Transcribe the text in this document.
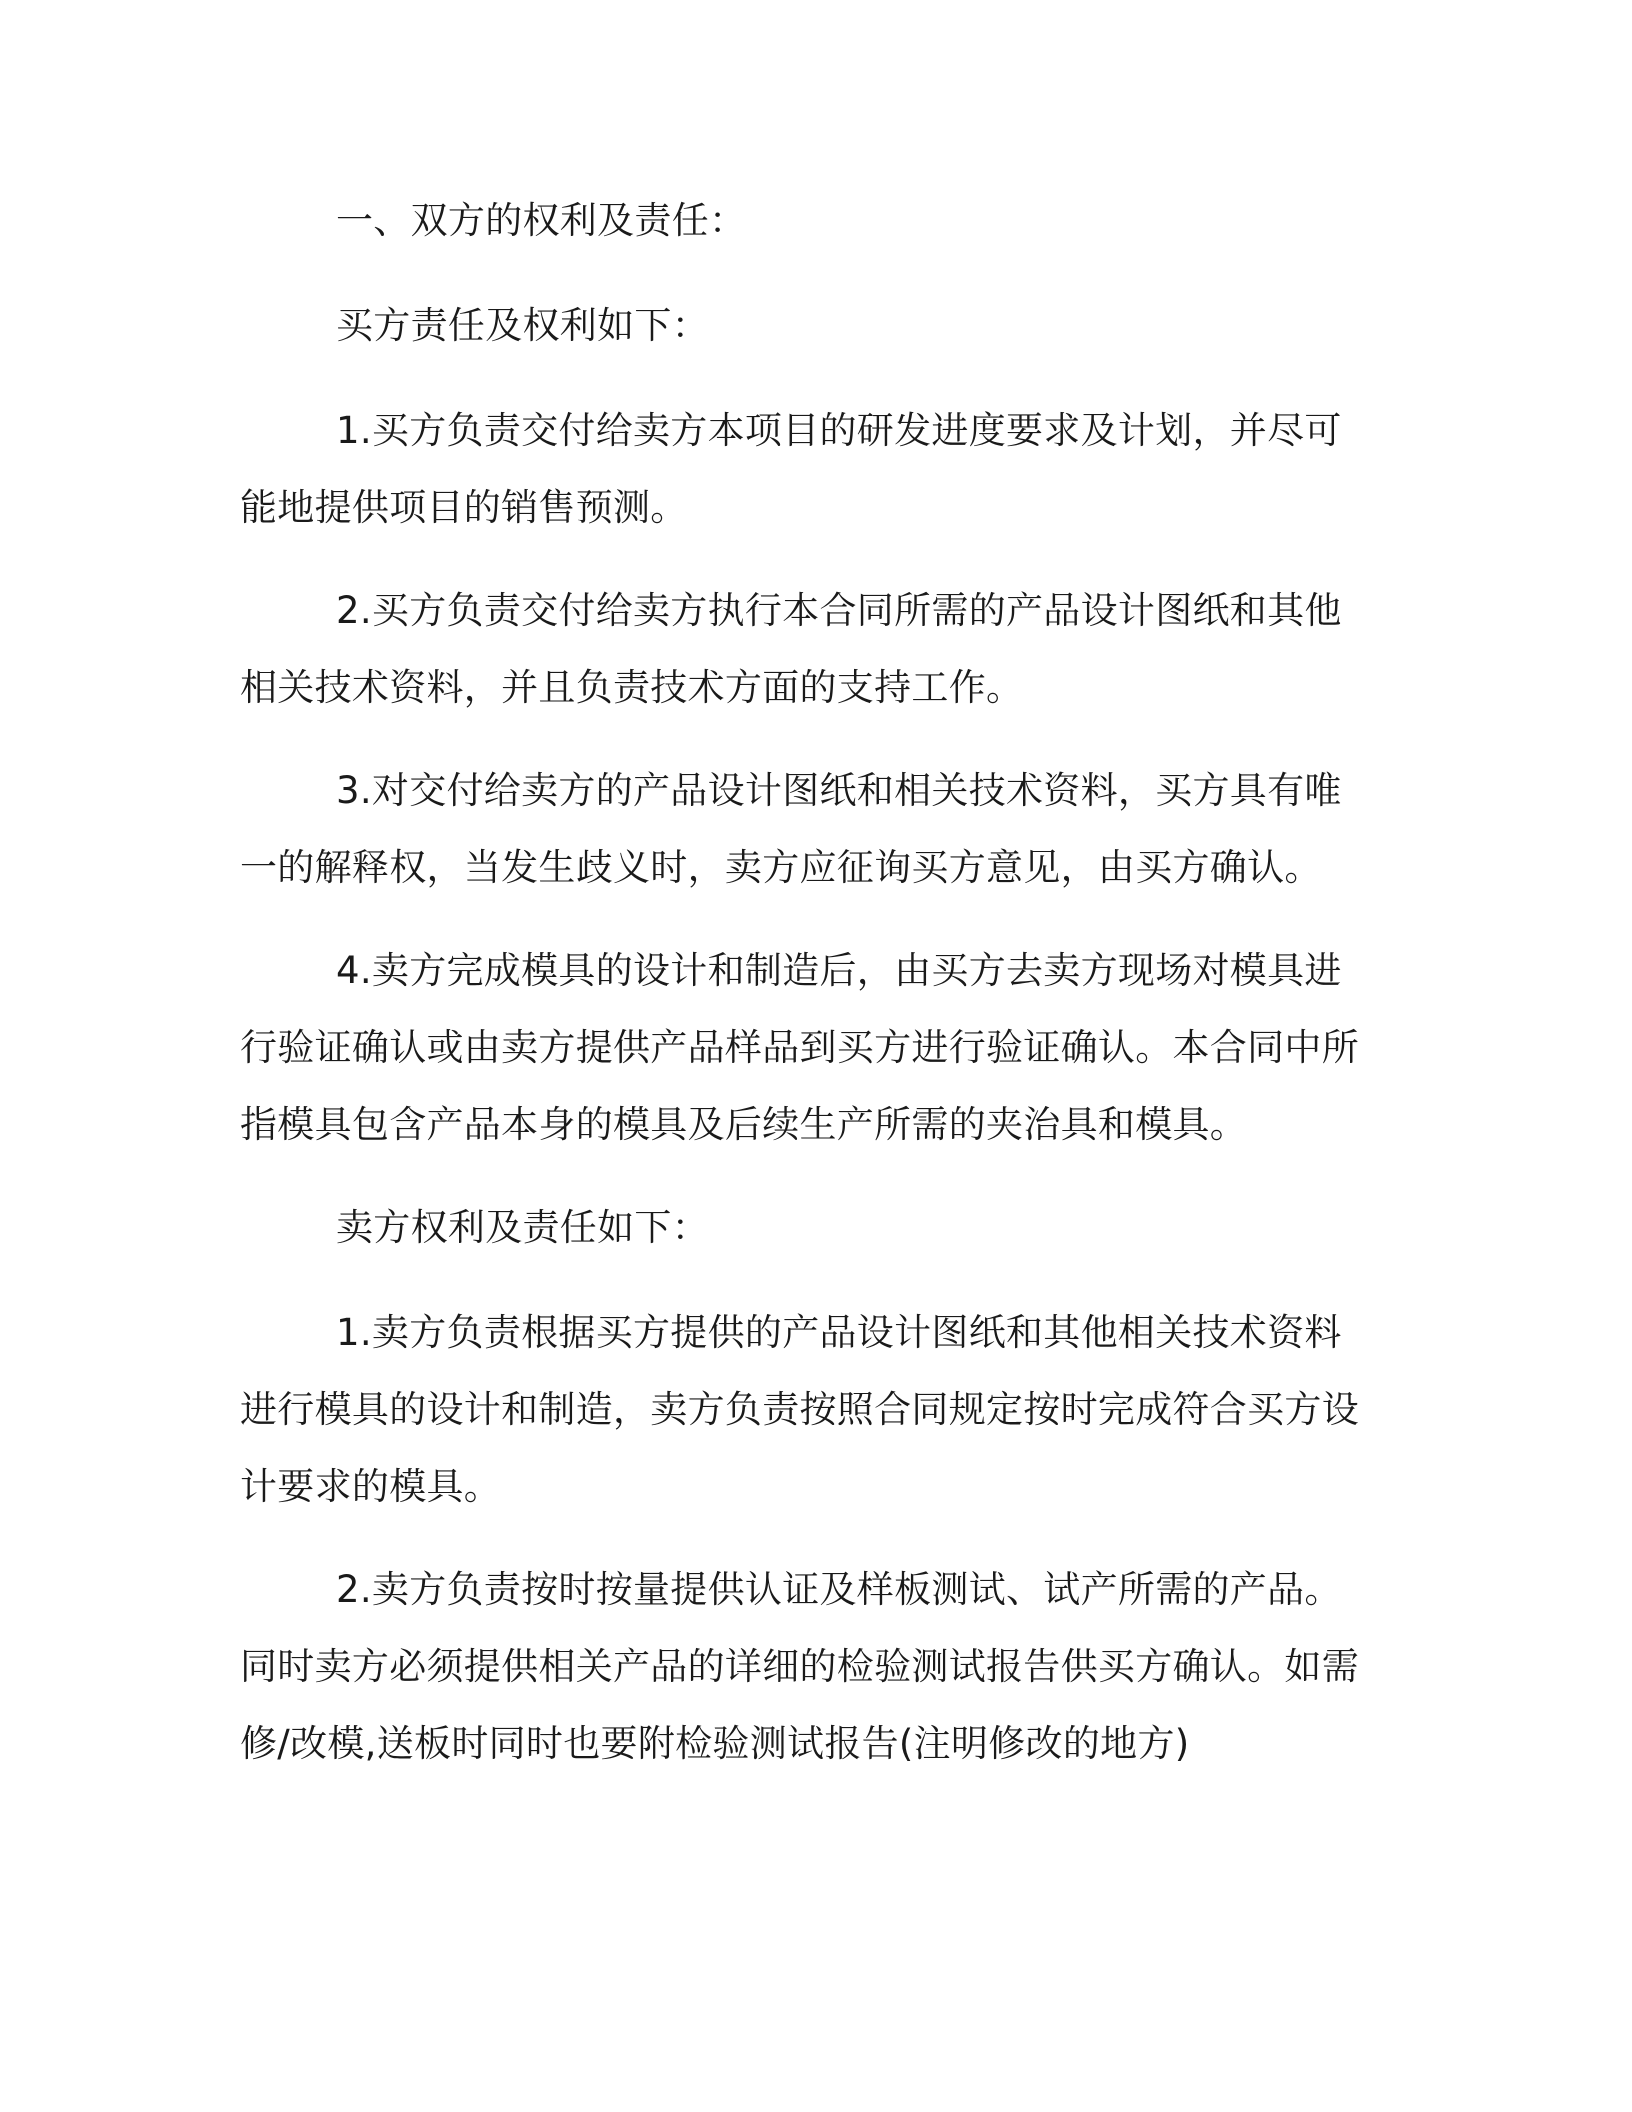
一、双方的权利及责任：

买方责任及权利如下：

1.买方负责交付给卖方本项目的研发进度要求及计划，并尽可能地提供项目的销售预测。

2.买方负责交付给卖方执行本合同所需的产品设计图纸和其他相关技术资料，并且负责技术方面的支持工作。

3.对交付给卖方的产品设计图纸和相关技术资料，买方具有唯一的解释权，当发生歧义时，卖方应征询买方意见，由买方确认。

4.卖方完成模具的设计和制造后，由买方去卖方现场对模具进行验证确认或由卖方提供产品样品到买方进行验证确认。本合同中所指模具包含产品本身的模具及后续生产所需的夹治具和模具。

卖方权利及责任如下：

1.卖方负责根据买方提供的产品设计图纸和其他相关技术资料进行模具的设计和制造，卖方负责按照合同规定按时完成符合买方设计要求的模具。

2.卖方负责按时按量提供认证及样板测试、试产所需的产品。同时卖方必须提供相关产品的详细的检验测试报告供买方确认。如需修/改模,送板时同时也要附检验测试报告(注明修改的地方)
